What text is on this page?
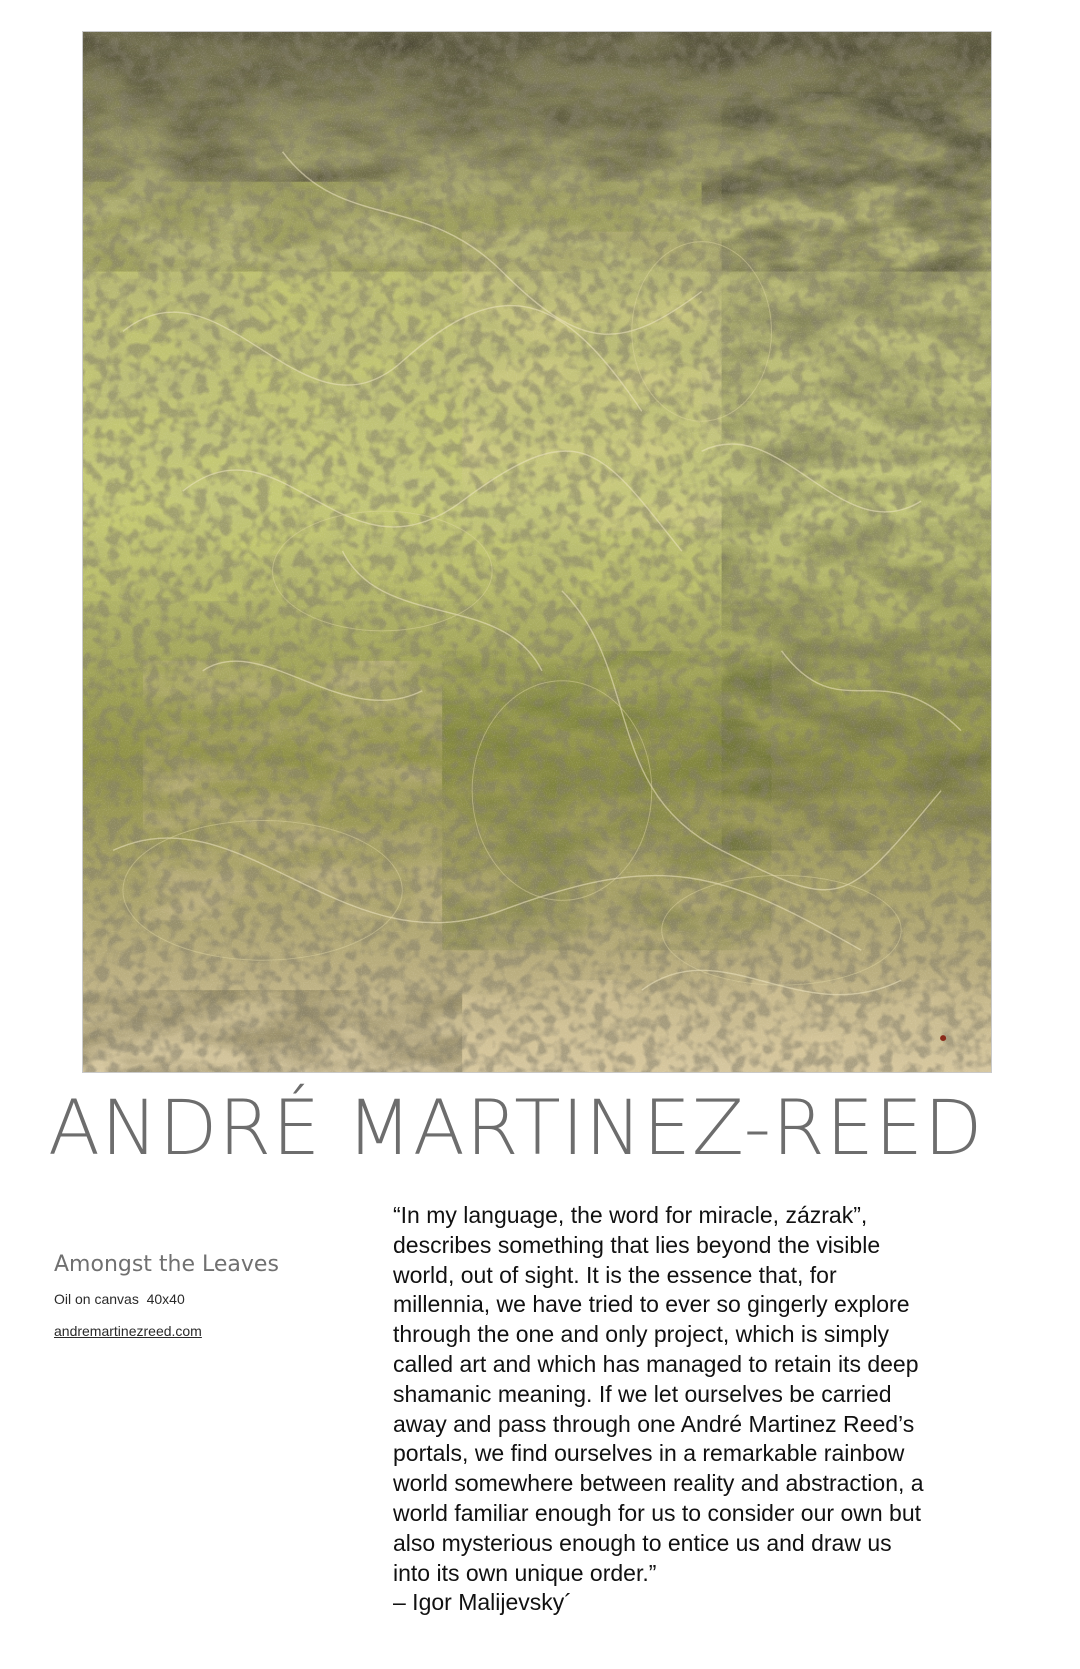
ANDRÉ MARTINEZ-REED
Amongst the Leaves
Oil on canvas  40x40
andremartinezreed.com

“In my language, the word for miracle, zázrak”,
describes something that lies beyond the visible
world, out of sight. It is the essence that, for
millennia, we have tried to ever so gingerly explore
through the one and only project, which is simply
called art and which has managed to retain its deep
shamanic meaning. If we let ourselves be carried
away and pass through one André Martinez Reed’s
portals, we find ourselves in a remarkable rainbow
world somewhere between reality and abstraction, a
world familiar enough for us to consider our own but
also mysterious enough to entice us and draw us
into its own unique order.”
– Igor Malijevsky´
